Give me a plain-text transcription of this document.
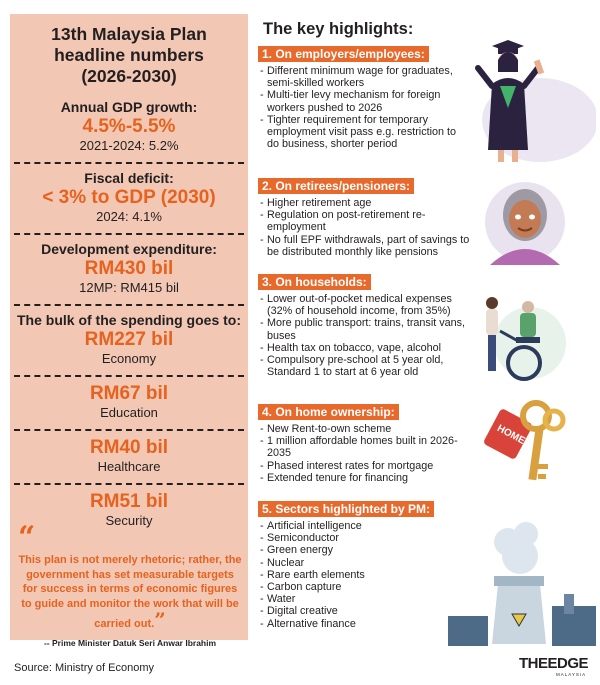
13th Malaysia Plan
headline numbers
(2026-2030)
Annual GDP growth:
4.5%-5.5%
2021-2024: 5.2%
Fiscal deficit:
< 3% to GDP (2030)
2024: 4.1%
Development expenditure:
RM430 bil
12MP: RM415 bil
The bulk of the spending goes to:
RM227 bil
Economy
RM67 bil
Education
RM40 bil
Healthcare
RM51 bil
Security
“
This plan is not merely rhetoric; rather, the government has set measurable targets for success in terms of economic figures to guide and monitor the work that will be carried out.”
-- Prime Minister Datuk Seri Anwar Ibrahim
The key highlights:
1. On employers/employees:
- Different minimum wage for graduates, semi-skilled workers
- Multi-tier levy mechanism for foreign workers pushed to 2026
- Tighter requirement for temporary employment visit pass e.g. restriction to do business, shorter period
2. On retirees/pensioners:
- Higher retirement age
- Regulation on post-retirement re-employment
- No full EPF withdrawals, part of savings to be distributed monthly like pensions
3. On households:
- Lower out-of-pocket medical expenses (32% of household income, from 35%)
- More public transport: trains, transit vans, buses
- Health tax on tobacco, vape, alcohol
- Compulsory pre-school at 5 year old, Standard 1 to start at 6 year old
4. On home ownership:
- New Rent-to-own scheme
- 1 million affordable homes built in 2026-2035
- Phased interest rates for mortgage
- Extended tenure for financing
5. Sectors highlighted by PM:
- Artificial intelligence
- Semiconductor
- Green energy
- Nuclear
- Rare earth elements
- Carbon capture
- Water
- Digital creative
- Alternative finance
HOME
Source: Ministry of Economy	THEEDGE
MALAYSIA
